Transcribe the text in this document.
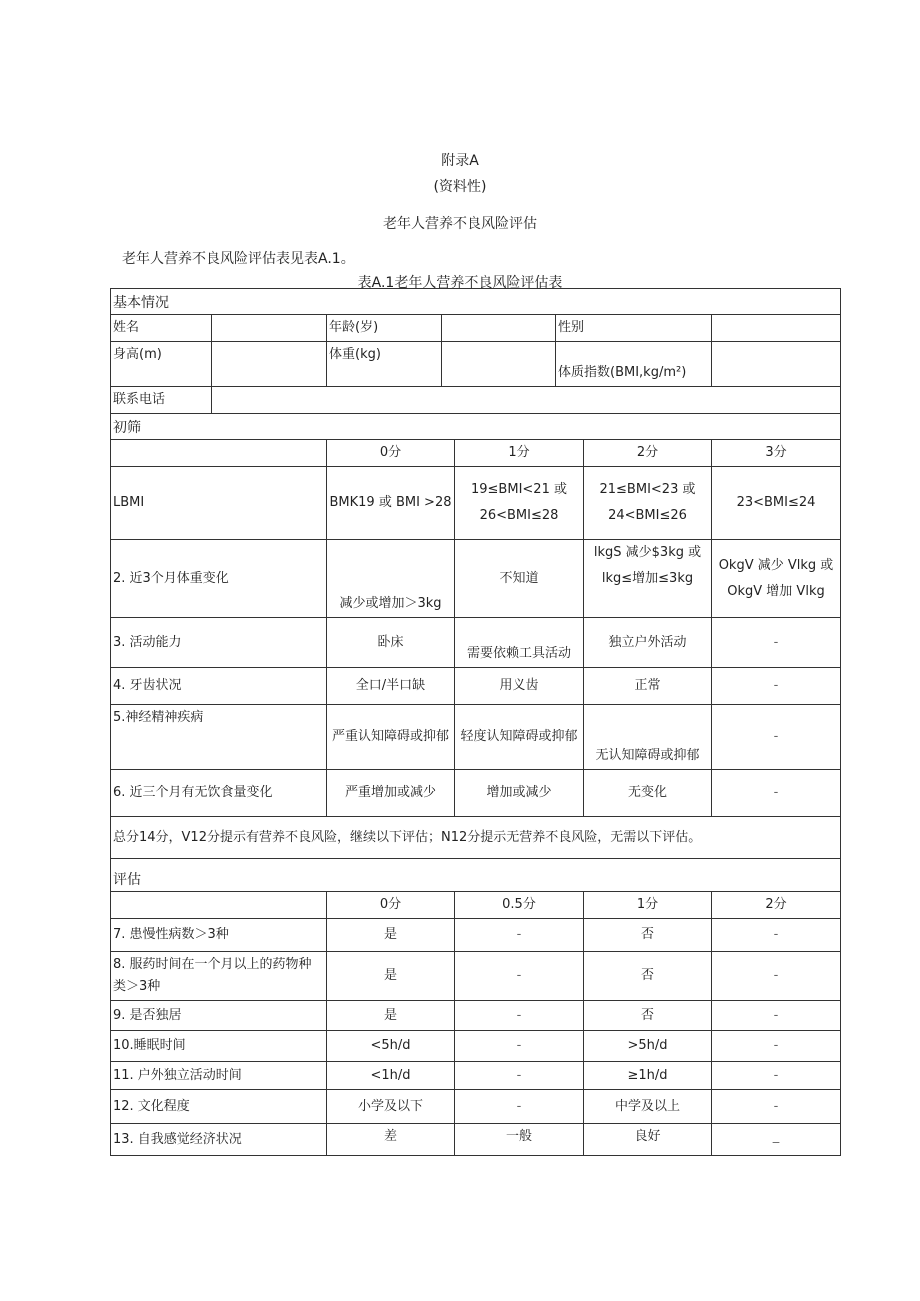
附录A
(资料性)
老年人营养不良风险评估
老年人营养不良风险评估表见表A.1。
表A.1老年人营养不良风险评估表
基本情况							
姓名		年龄(岁)			性别		
身高(m)		体重(kg)			体质指数(BMI,kg/m²)		
联系电话							
初筛							
		0分		1分		2分	3分
LBMI		BMK19 或 BMI >28		19≤BMI<21 或 26<BMI≤28		21≤BMI<23 或 24<BMI≤26	23<BMI≤24
2. 近3个月体重变化		减少或增加＞3kg		不知道		lkgS 减少$3kg 或 lkg≤增加≤3kg	OkgV 减少 Vlkg 或 OkgV 增加 Vlkg
3. 活动能力		卧床		需要依赖工具活动		独立户外活动	-
4. 牙齿状况		全口/半口缺		用义齿		正常	-
5.神经精神疾病		严重认知障碍或抑郁		轻度认知障碍或抑郁		无认知障碍或抑郁	-
6. 近三个月有无饮食量变化		严重增加或减少		增加或减少		无变化	-
总分14分，V12分提示有营养不良风险，继续以下评估；N12分提示无营养不良风险，无需以下评估。							
评估							
		0分		0.5分		1分	2分
7. 患慢性病数＞3种		是		-		否	-
8. 服药时间在一个月以上的药物种类＞3种		是		-		否	-
9. 是否独居		是		-		否	-
10.睡眠时间		<5h/d		-		>5h/d	-
11. 户外独立活动时间		<1h/d		-		≥1h/d	-
12. 文化程度		小学及以下		-		中学及以上	-
13. 自我感觉经济状况		差		一般		良好	_
